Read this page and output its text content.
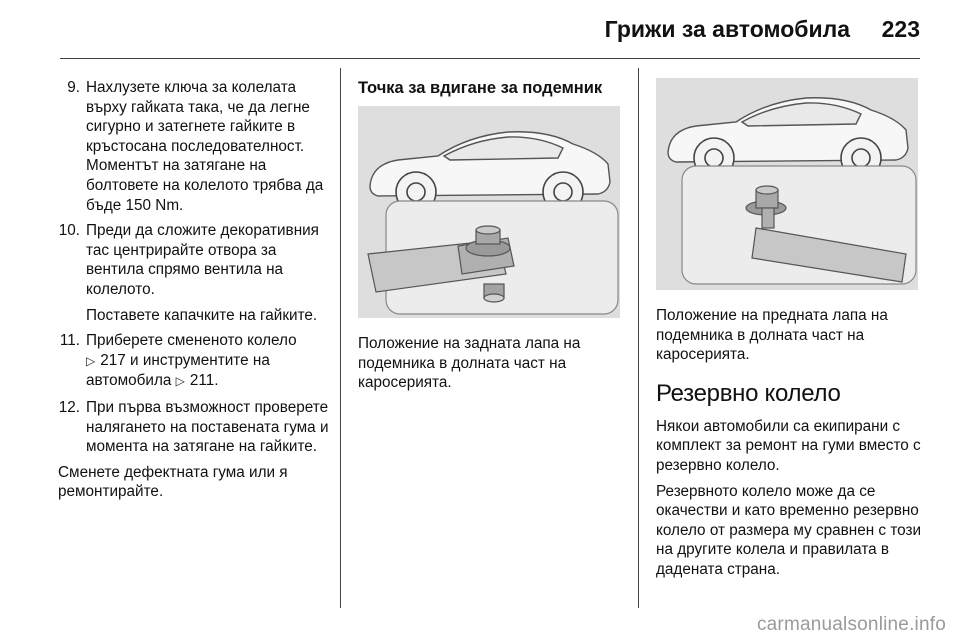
Грижи за автомобила	223
9. Нахлузете ключа за колелата върху гайката така, че да легне сигурно и затегнете гайките в кръстосана последователност. Моментът на затягане на болтовете на колелото трябва да бъде 150 Nm.

10. Преди да сложите декоративния тас центрирайте отвора за вентила спрямо вентила на колелото.

Поставете капачките на гайките.

11. Приберете смененото колело
▷ 217 и инструментите на автомобила ▷ 211.

12. При първа възможност проверете налягането на поставената гума и момента на затягане на гайките.

Сменете дефектната гума или я ремонтирайте.

Точка за вдигане за подемник

Положение на задната лапа на подемника в долната част на каросерията.

Положение на предната лапа на подемника в долната част на каросерията.

Резервно колело

Някои автомобили са екипирани с комплект за ремонт на гуми вместо с резервно колело.

Резервното колело може да се окачестви и като временно резервно колело от размера му сравнен с този на другите колела и правилата в дадената страна.

carmanualsonline.info
